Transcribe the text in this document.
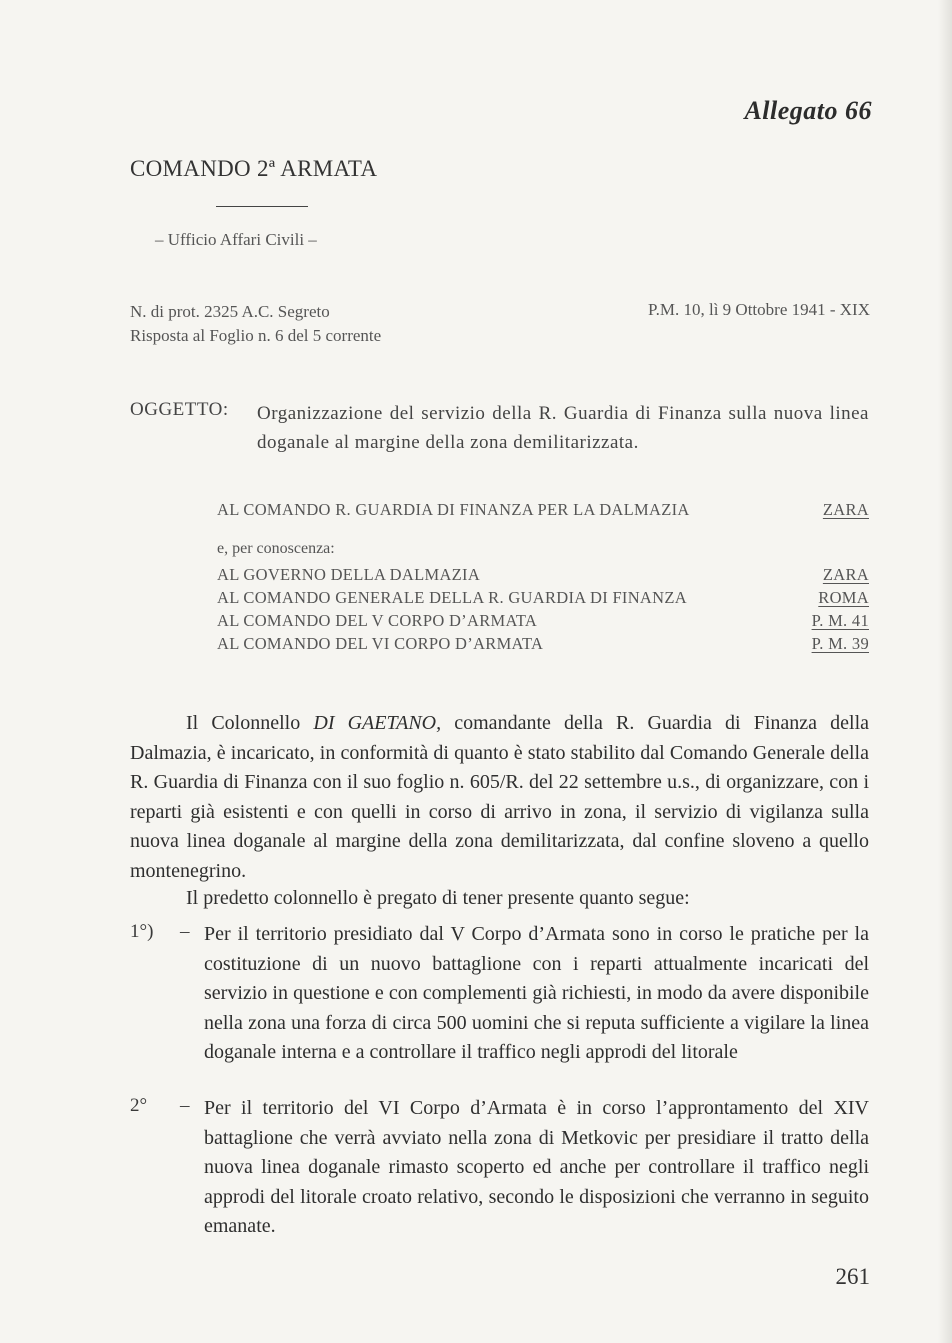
Allegato 66
COMANDO 2ª ARMATA
– Ufficio Affari Civili –
N. di prot. 2325 A.C. Segreto
Risposta al Foglio n. 6 del 5 corrente
P.M. 10, lì 9 Ottobre 1941 - XIX
OGGETTO: Organizzazione del servizio della R. Guardia di Finanza sulla nuova linea doganale al margine della zona demilitarizzata.
AL COMANDO R. GUARDIA DI FINANZA PER LA DALMAZIA	ZARA
e, per conoscenza:
AL GOVERNO DELLA DALMAZIA	ZARA
AL COMANDO GENERALE DELLA R. GUARDIA DI FINANZA	ROMA
AL COMANDO DEL V CORPO D’ARMATA	P. M. 41
AL COMANDO DEL VI CORPO D’ARMATA	P. M. 39
Il Colonnello DI GAETANO, comandante della R. Guardia di Finanza della Dalmazia, è incaricato, in conformità di quanto è stato stabilito dal Comando Generale della R. Guardia di Finanza con il suo foglio n. 605/R. del 22 settembre u.s., di organizzare, con i reparti già esistenti e con quelli in corso di arrivo in zona, il servizio di vigilanza sulla nuova linea doganale al margine della zona demilitarizzata, dal confine sloveno a quello montenegrino.
Il predetto colonnello è pregato di tener presente quanto segue:
1°) – Per il territorio presidiato dal V Corpo d’Armata sono in corso le pratiche per la costituzione di un nuovo battaglione con i reparti attualmente incaricati del servizio in questione e con complementi già richiesti, in modo da avere disponibile nella zona una forza di circa 500 uomini che si reputa sufficiente a vigilare la linea doganale interna e a controllare il traffico negli approdi del litorale
2° – Per il territorio del VI Corpo d’Armata è in corso l’approntamento del XIV battaglione che verrà avviato nella zona di Metkovic per presidiare il tratto della nuova linea doganale rimasto scoperto ed anche per controllare il traffico negli approdi del litorale croato relativo, secondo le disposizioni che verranno in seguito emanate.
261
